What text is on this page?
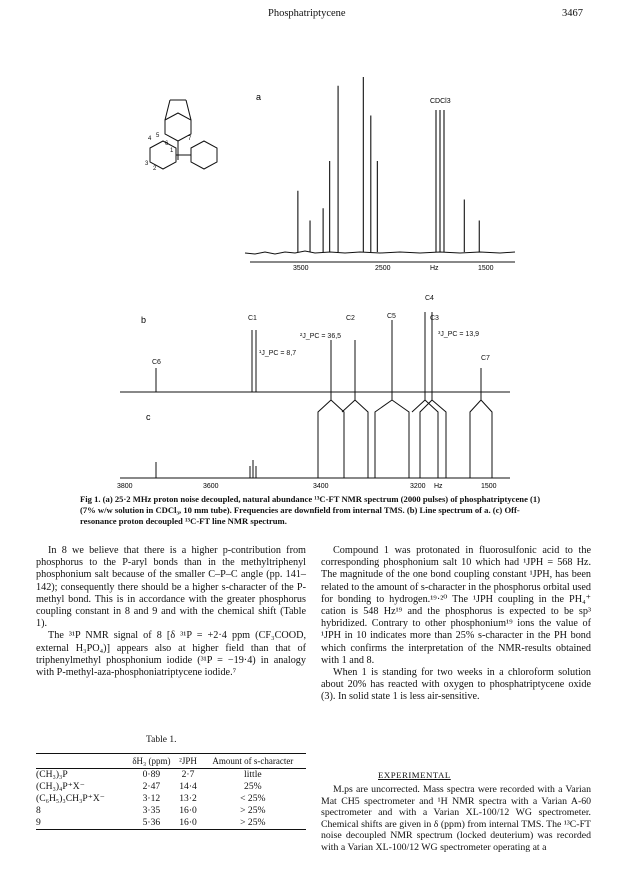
Phosphatriptycene	3467
4 5
6
1
2
3
7
a	CDCl3
3500	2500	Hz	1500
b
C6
C1	C2	C5
C4
C3
C7
¹J_PC = 8,7
²J_PC = 36,5	³J_PC = 13,9
c
3800	3600	3400	3200 Hz	1500
Fig 1. (a) 25·2 MHz proton noise decoupled, natural abundance ¹³C-FT NMR spectrum (2000 pulses) of phosphatriptycene (1) (7% w/w solution in CDCl₃, 10 mm tube). Frequencies are downfield from internal TMS. (b) Line spectrum of a. (c) Off-resonance proton decoupled ¹³C-FT line NMR spectrum.

In 8 we believe that there is a higher p-contribution from phosphorus to the P-aryl bonds than in the methyltriphenyl phosphonium salt because of the smaller C–P–C angle (pp. 141–142); consequently there should be a higher s-character of the P-methyl bond. This is in accordance with the greater phosphorus coupling constant in 8 and 9 and with the chemical shift (Table 1).

The ³¹P NMR signal of 8 [δ ³¹P = +2·4 ppm (CF₃COOD, external H₃PO₄)] appears also at higher field than that of triphenylmethyl phosphonium iodide (³¹P = −19·4) in analogy with P-methyl-aza-phosphoniatriptycene iodide.⁷

Table 1.
	δH₃ (ppm)	²JPH	Amount of s-character
(CH₃)₃P	0·89	2·7	little
(CH₃)₄P⁺X⁻	2·47	14·4	25%
(C₆H₅)₃CH₃P⁺X⁻	3·12	13·2	< 25%
8	3·35	16·0	> 25%
9	5·36	16·0	> 25%

Compound 1 was protonated in fluorosulfonic acid to the corresponding phosphonium salt 10 which had ¹JPH = 568 Hz. The magnitude of the one bond coupling constant ¹JPH, has been related to the amount of s-character in the phosphorus orbital used for bonding to hydrogen.¹⁹·²⁰ The ¹JPH coupling in the PH₄⁺ cation is 548 Hz¹⁹ and the phosphorus is expected to be sp³ hybridized. Contrary to other phosphonium¹⁹ ions the value of ¹JPH in 10 indicates more than 25% s-character in the PH bond which confirms the interpretation of the NMR-results obtained with 1 and 8.

When 1 is standing for two weeks in a chloroform solution about 20% has reacted with oxygen to phosphatriptycene oxide (3). In solid state 1 is less air-sensitive.

EXPERIMENTAL

M.ps are uncorrected. Mass spectra were recorded with a Varian Mat CH5 spectrometer and ¹H NMR spectra with a Varian A-60 spectrometer and with a Varian XL-100/12 WG spectrometer. Chemical shifts are given in δ (ppm) from internal TMS. The ¹³C-FT noise decoupled NMR spectrum (locked deuterium) was recorded with a Varian XL-100/12 WG spectrometer operating at a
